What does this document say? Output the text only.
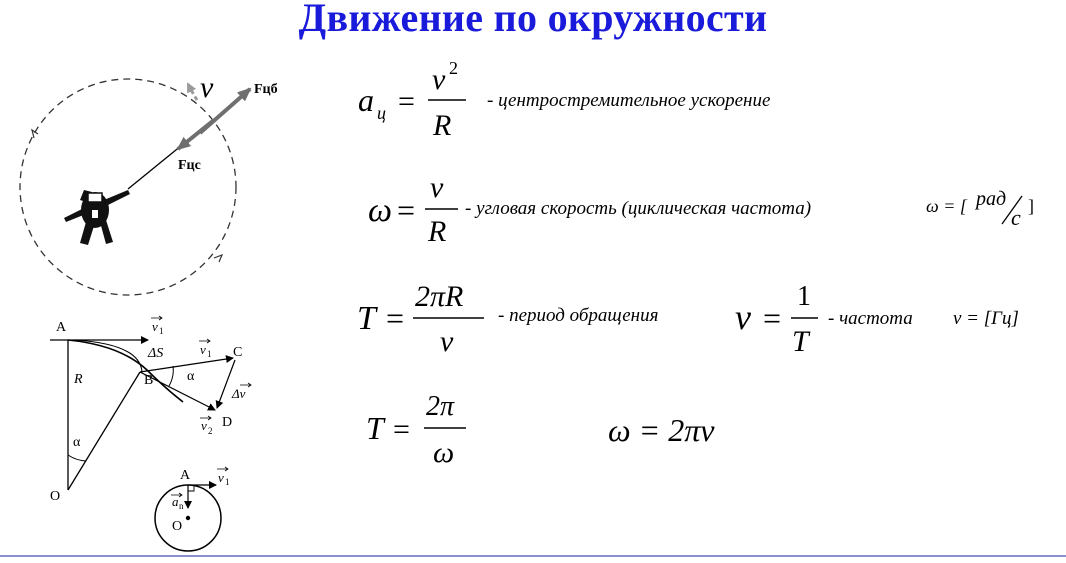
Движение по окружности
v	Fцб
Fцс
A
B
C
D
O
R
α
α
ΔS
v 1
v 1
v 2
Δv
A
O
v 1
a n
a ц =
v 2
R
- центростремительное ускорение
ω =
v
R
- угловая скорость (циклическая частота)	ω = [ рад
с ]
T =
2πR
v
- период обращения ν =
1
T
- частота ν = [Гц]
T =
2π
ω
ω = 2πν
